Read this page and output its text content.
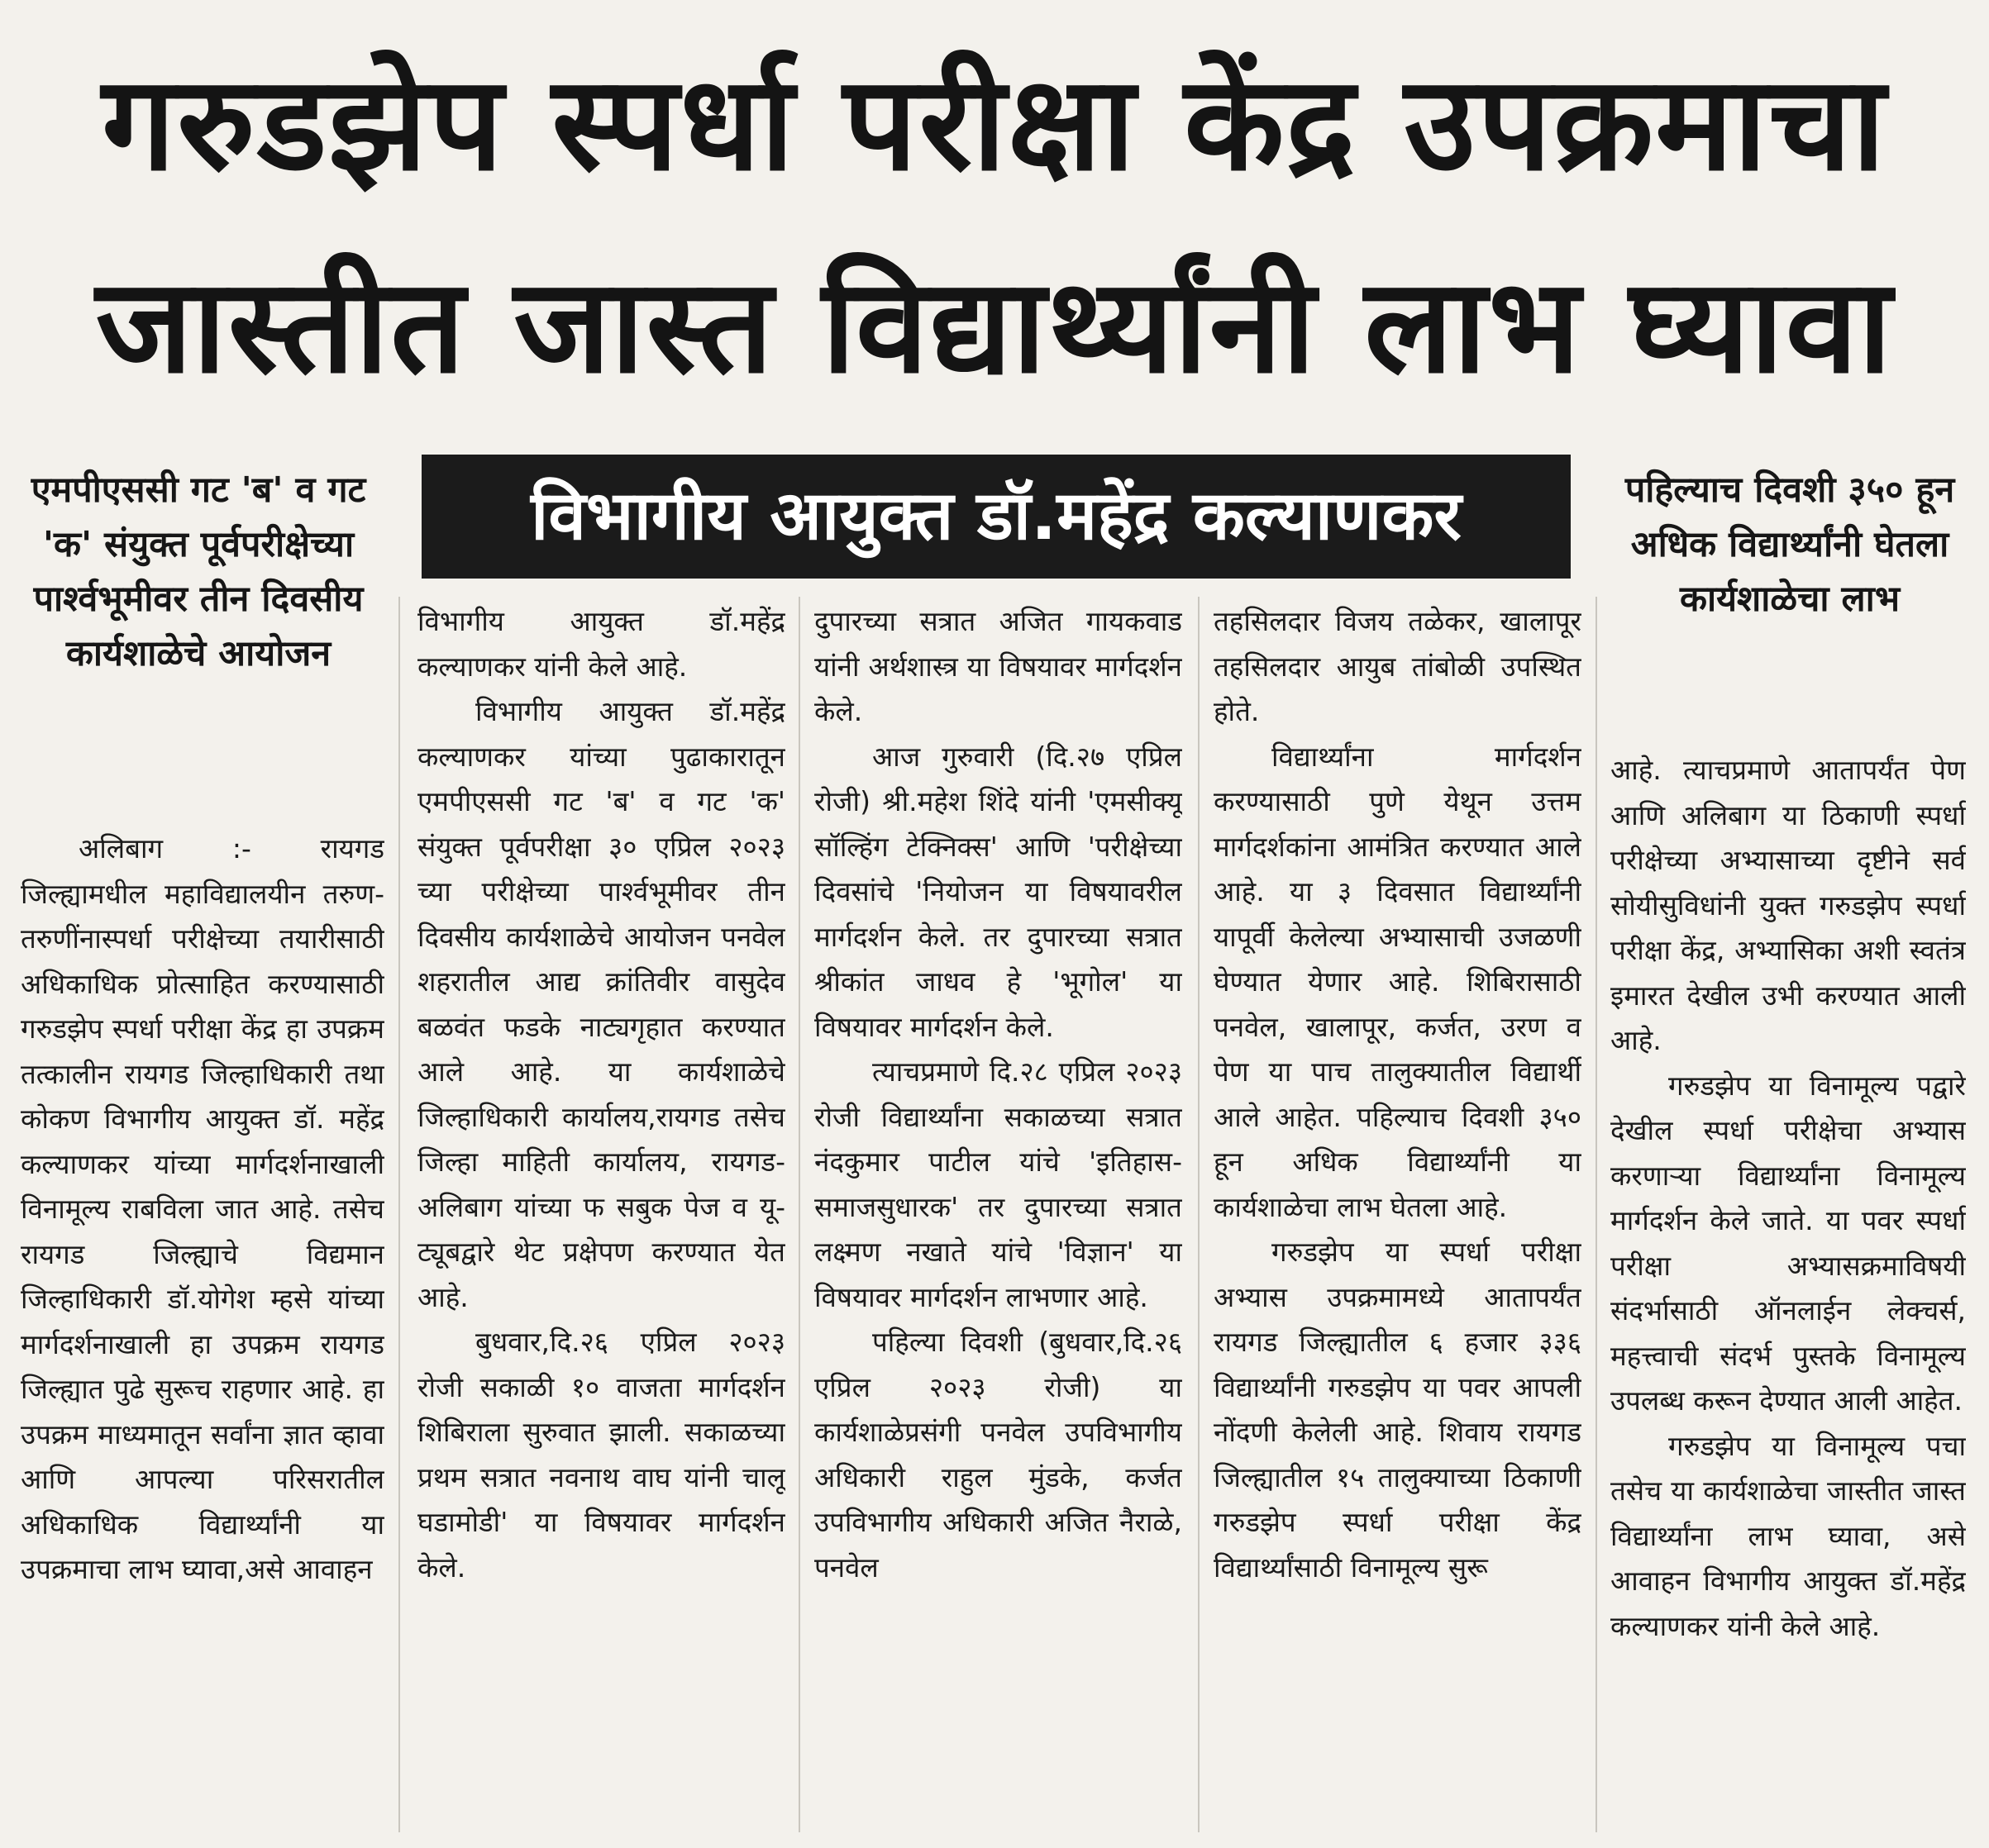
गरुडझेप स्पर्धा परीक्षा केंद्र उपक्रमाचा
जास्तीत जास्त विद्यार्थ्यांनी लाभ घ्यावा
एमपीएससी गट 'ब' व गट 'क' संयुक्त पूर्वपरीक्षेच्या पार्श्वभूमीवर तीन दिवसीय कार्यशाळेचे आयोजन
विभागीय आयुक्त डॉ.महेंद्र कल्याणकर	पहिल्याच दिवशी ३५० हून अधिक विद्यार्थ्यांनी घेतला कार्यशाळेचा लाभ

अलिबाग :- रायगड जिल्ह्यामधील महाविद्यालयीन तरुण-तरुणींनास्पर्धा परीक्षेच्या तयारीसाठी अधिकाधिक प्रोत्साहित करण्यासाठी गरुडझेप स्पर्धा परीक्षा केंद्र हा उपक्रम तत्कालीन रायगड जिल्हाधिकारी तथा कोकण विभागीय आयुक्त डॉ. महेंद्र कल्याणकर यांच्या मार्गदर्शनाखाली विनामूल्य राबविला जात आहे. तसेच रायगड जिल्ह्याचे विद्यमान जिल्हाधिकारी डॉ.योगेश म्हसे यांच्या मार्गदर्शनाखाली हा उपक्रम रायगड जिल्ह्यात पुढे सुरूच राहणार आहे. हा उपक्रम माध्यमातून सर्वांना ज्ञात व्हावा आणि आपल्या परिसरातील अधिकाधिक विद्यार्थ्यांनी या उपक्रमाचा लाभ घ्यावा,असे आवाहन

विभागीय आयुक्त डॉ.महेंद्र कल्याणकर यांनी केले आहे.

विभागीय आयुक्त डॉ.महेंद्र कल्याणकर यांच्या पुढाकारातून एमपीएससी गट 'ब' व गट 'क' संयुक्त पूर्वपरीक्षा ३० एप्रिल २०२३ च्या परीक्षेच्या पार्श्वभूमीवर तीन दिवसीय कार्यशाळेचे आयोजन पनवेल शहरातील आद्य क्रांतिवीर वासुदेव बळवंत फडके नाट्यगृहात करण्यात आले आहे. या कार्यशाळेचे जिल्हाधिकारी कार्यालय,रायगड तसेच जिल्हा माहिती कार्यालय, रायगड-अलिबाग यांच्या फ सबुक पेज व यू-ट्यूबद्वारे थेट प्रक्षेपण करण्यात येत आहे.

बुधवार,दि.२६ एप्रिल २०२३ रोजी सकाळी १० वाजता मार्गदर्शन शिबिराला सुरुवात झाली. सकाळच्या प्रथम सत्रात नवनाथ वाघ यांनी चालू घडामोडी' या विषयावर मार्गदर्शन केले.

दुपारच्या सत्रात अजित गायकवाड यांनी अर्थशास्त्र या विषयावर मार्गदर्शन केले.

आज गुरुवारी (दि.२७ एप्रिल रोजी) श्री.महेश शिंदे यांनी 'एमसीक्यू सॉल्हिंग टेक्निक्स' आणि 'परीक्षेच्या दिवसांचे 'नियोजन या विषयावरील मार्गदर्शन केले. तर दुपारच्या सत्रात श्रीकांत जाधव हे 'भूगोल' या विषयावर मार्गदर्शन केले.

त्याचप्रमाणे दि.२८ एप्रिल २०२३ रोजी विद्यार्थ्यांना सकाळच्या सत्रात नंदकुमार पाटील यांचे 'इतिहास- समाजसुधारक' तर दुपारच्या सत्रात लक्ष्मण नखाते यांचे 'विज्ञान' या विषयावर मार्गदर्शन लाभणार आहे.

पहिल्या दिवशी (बुधवार,दि.२६ एप्रिल २०२३ रोजी) या कार्यशाळेप्रसंगी पनवेल उपविभागीय अधिकारी राहुल मुंडके, कर्जत उपविभागीय अधिकारी अजित नैराळे, पनवेल

तहसिलदार विजय तळेकर, खालापूर तहसिलदार आयुब तांबोळी उपस्थित होते.

विद्यार्थ्यांना मार्गदर्शन करण्यासाठी पुणे येथून उत्तम मार्गदर्शकांना आमंत्रित करण्यात आले आहे. या ३ दिवसात विद्यार्थ्यांनी यापूर्वी केलेल्या अभ्यासाची उजळणी घेण्यात येणार आहे. शिबिरासाठी पनवेल, खालापूर, कर्जत, उरण व पेण या पाच तालुक्यातील विद्यार्थी आले आहेत. पहिल्याच दिवशी ३५० हून अधिक विद्यार्थ्यांनी या कार्यशाळेचा लाभ घेतला आहे.

गरुडझेप या स्पर्धा परीक्षा अभ्यास उपक्रमामध्ये आतापर्यंत रायगड जिल्ह्यातील ६ हजार ३३६ विद्यार्थ्यांनी गरुडझेप या पवर आपली नोंदणी केलेली आहे. शिवाय रायगड जिल्ह्यातील १५ तालुक्याच्या ठिकाणी गरुडझेप स्पर्धा परीक्षा केंद्र विद्यार्थ्यांसाठी विनामूल्य सुरू

आहे. त्याचप्रमाणे आतापर्यंत पेण आणि अलिबाग या ठिकाणी स्पर्धा परीक्षेच्या अभ्यासाच्या दृष्टीने सर्व सोयीसुविधांनी युक्त गरुडझेप स्पर्धा परीक्षा केंद्र, अभ्यासिका अशी स्वतंत्र इमारत देखील उभी करण्यात आली आहे.

गरुडझेप या विनामूल्य पद्वारे देखील स्पर्धा परीक्षेचा अभ्यास करणाऱ्या विद्यार्थ्यांना विनामूल्य मार्गदर्शन केले जाते. या पवर स्पर्धा परीक्षा अभ्यासक्रमाविषयी संदर्भासाठी ऑनलाईन लेक्चर्स, महत्त्वाची संदर्भ पुस्तके विनामूल्य उपलब्ध करून देण्यात आली आहेत.

गरुडझेप या विनामूल्य पचा तसेच या कार्यशाळेचा जास्तीत जास्त विद्यार्थ्यांना लाभ घ्यावा, असे आवाहन विभागीय आयुक्त डॉ.महेंद्र कल्याणकर यांनी केले आहे.
